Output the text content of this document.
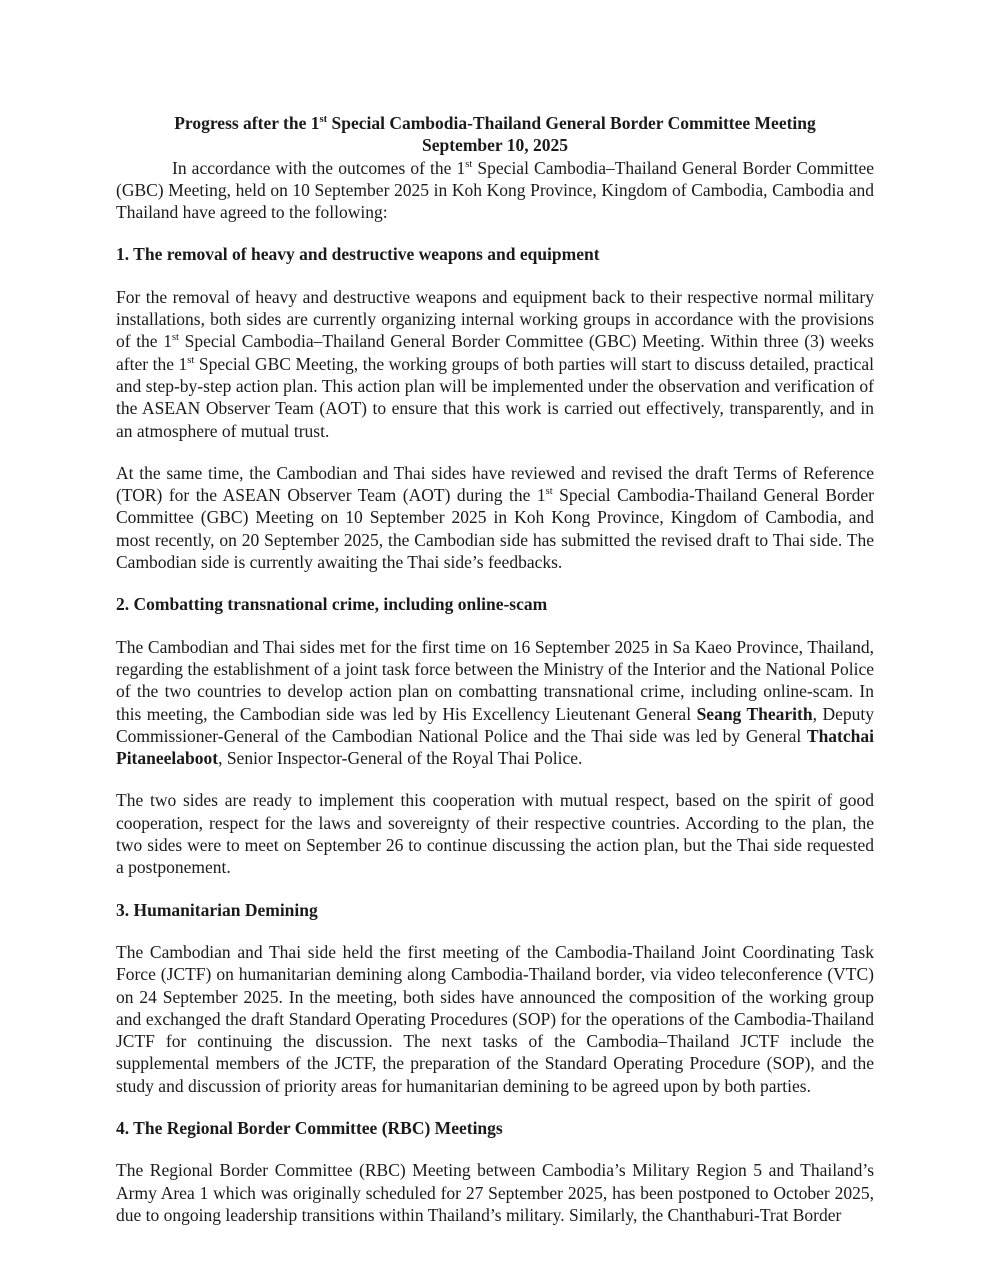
Progress after the 1st Special Cambodia-Thailand General Border Committee Meeting
September 10, 2025
In accordance with the outcomes of the 1st Special Cambodia–Thailand General Border Committee (GBC) Meeting, held on 10 September 2025 in Koh Kong Province, Kingdom of Cambodia, Cambodia and Thailand have agreed to the following:
1. The removal of heavy and destructive weapons and equipment
For the removal of heavy and destructive weapons and equipment back to their respective normal military installations, both sides are currently organizing internal working groups in accordance with the provisions of the 1st Special Cambodia–Thailand General Border Committee (GBC) Meeting. Within three (3) weeks after the 1st Special GBC Meeting, the working groups of both parties will start to discuss detailed, practical and step-by-step action plan. This action plan will be implemented under the observation and verification of the ASEAN Observer Team (AOT) to ensure that this work is carried out effectively, transparently, and in an atmosphere of mutual trust.
At the same time, the Cambodian and Thai sides have reviewed and revised the draft Terms of Reference (TOR) for the ASEAN Observer Team (AOT) during the 1st Special Cambodia-Thailand General Border Committee (GBC) Meeting on 10 September 2025 in Koh Kong Province, Kingdom of Cambodia, and most recently, on 20 September 2025, the Cambodian side has submitted the revised draft to Thai side. The Cambodian side is currently awaiting the Thai side’s feedbacks.
2. Combatting transnational crime, including online-scam
The Cambodian and Thai sides met for the first time on 16 September 2025 in Sa Kaeo Province, Thailand, regarding the establishment of a joint task force between the Ministry of the Interior and the National Police of the two countries to develop action plan on combatting transnational crime, including online-scam. In this meeting, the Cambodian side was led by His Excellency Lieutenant General Seang Thearith, Deputy Commissioner-General of the Cambodian National Police and the Thai side was led by General Thatchai Pitaneelaboot, Senior Inspector-General of the Royal Thai Police.
The two sides are ready to implement this cooperation with mutual respect, based on the spirit of good cooperation, respect for the laws and sovereignty of their respective countries. According to the plan, the two sides were to meet on September 26 to continue discussing the action plan, but the Thai side requested a postponement.
3. Humanitarian Demining
The Cambodian and Thai side held the first meeting of the Cambodia-Thailand Joint Coordinating Task Force (JCTF) on humanitarian demining along Cambodia-Thailand border, via video teleconference (VTC) on 24 September 2025. In the meeting, both sides have announced the composition of the working group and exchanged the draft Standard Operating Procedures (SOP) for the operations of the Cambodia-Thailand JCTF for continuing the discussion. The next tasks of the Cambodia–Thailand JCTF include the supplemental members of the JCTF, the preparation of the Standard Operating Procedure (SOP), and the study and discussion of priority areas for humanitarian demining to be agreed upon by both parties.
4. The Regional Border Committee (RBC) Meetings
The Regional Border Committee (RBC) Meeting between Cambodia’s Military Region 5 and Thailand’s Army Area 1 which was originally scheduled for 27 September 2025, has been postponed to October 2025, due to ongoing leadership transitions within Thailand’s military. Similarly, the Chanthaburi-Trat Border
